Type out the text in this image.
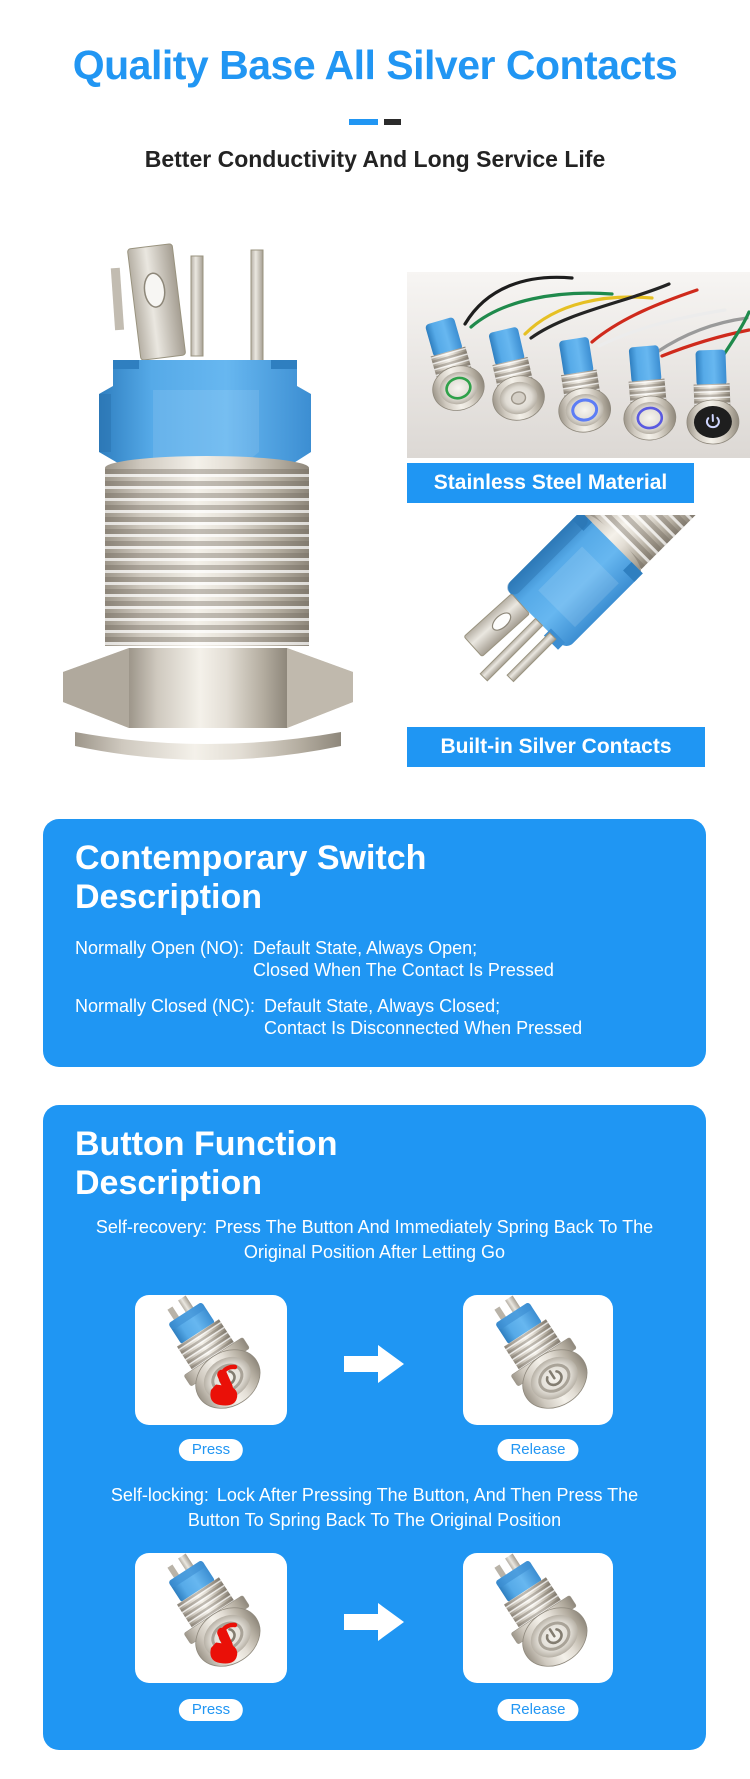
Quality Base All Silver Contacts
Better Conductivity And Long Service Life
Stainless Steel Material
Built-in Silver Contacts
Contemporary Switch
Description
Normally Open (NO): Default State, Always Open;
Closed When The Contact Is Pressed
Normally Closed (NC): Default State, Always Closed;
Contact Is Disconnected When Pressed
Button Function
Description
Self-recovery: Press The Button And Immediately Spring Back To The
Original Position After Letting Go
Press	Release
Self-locking: Lock After Pressing The Button, And Then Press The
Button To Spring Back To The Original Position
Press	Release
